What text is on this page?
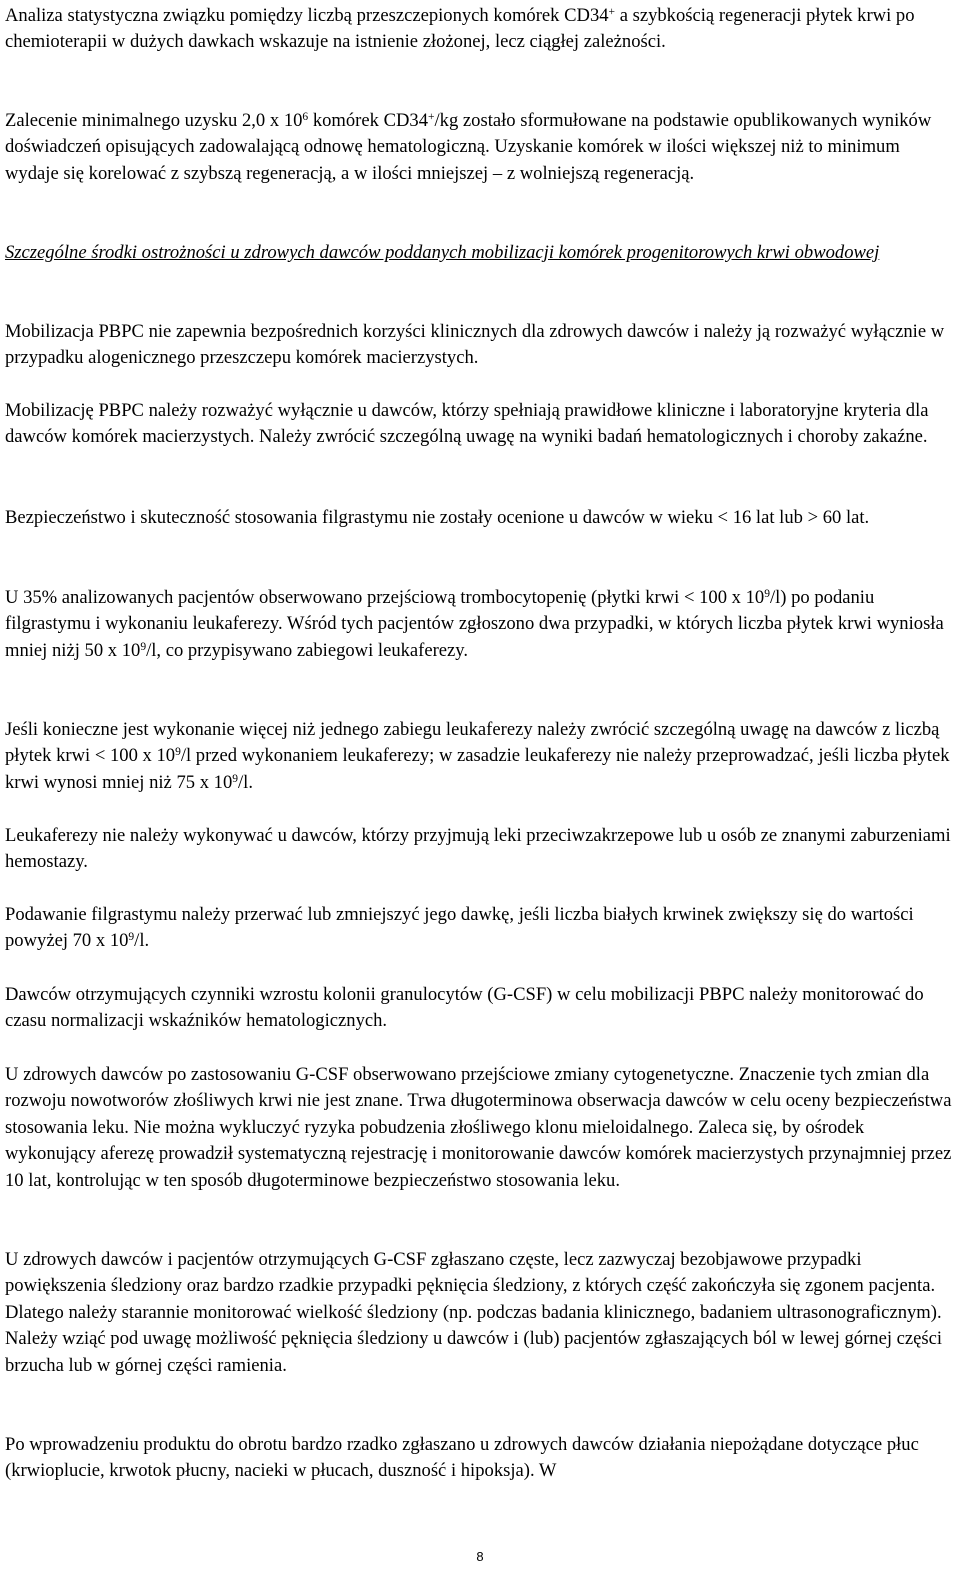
Analiza statystyczna związku pomiędzy liczbą przeszczepionych komórek CD34+ a szybkością regeneracji płytek krwi po chemioterapii w dużych dawkach wskazuje na istnienie złożonej, lecz ciągłej zależności.

Zalecenie minimalnego uzysku 2,0 x $10^6$ komórek CD34+/kg zostało sformułowane na podstawie opublikowanych wyników doświadczeń opisujących zadowalającą odnowę hematologiczną. Uzyskanie komórek w ilości większej niż to minimum wydaje się korelować z szybszą regeneracją, a w ilości mniejszej – z wolniejszą regeneracją.

Szczególne środki ostrożności u zdrowych dawców poddanych mobilizacji komórek progenitorowych krwi obwodowej

Mobilizacja PBPC nie zapewnia bezpośrednich korzyści klinicznych dla zdrowych dawców i należy ją rozważyć wyłącznie w przypadku alogenicznego przeszczepu komórek macierzystych.

Mobilizację PBPC należy rozważyć wyłącznie u dawców, którzy spełniają prawidłowe kliniczne i laboratoryjne kryteria dla dawców komórek macierzystych. Należy zwrócić szczególną uwagę na wyniki badań hematologicznych i choroby zakaźne.

Bezpieczeństwo i skuteczność stosowania filgrastymu nie zostały ocenione u dawców w wieku < 16 lat lub > 60 lat.

U 35% analizowanych pacjentów obserwowano przejściową trombocytopenię (płytki krwi < 100 x $10^9/l$) po podaniu filgrastymu i wykonaniu leukaferezy. Wśród tych pacjentów zgłoszono dwa przypadki, w których liczba płytek krwi wyniosła mniej niżj 50 x $10^9/l$, co przypisywano zabiegowi leukaferezy.

Jeśli konieczne jest wykonanie więcej niż jednego zabiegu leukaferezy należy zwrócić szczególną uwagę na dawców z liczbą płytek krwi < 100 x $10^9/l$ przed wykonaniem leukaferezy; w zasadzie leukaferezy nie należy przeprowadzać, jeśli liczba płytek krwi wynosi mniej niż 75 x $10^9/l$.

Leukaferezy nie należy wykonywać u dawców, którzy przyjmują leki przeciwzakrzepowe lub u osób ze znanymi zaburzeniami hemostazy.

Podawanie filgrastymu należy przerwać lub zmniejszyć jego dawkę, jeśli liczba białych krwinek zwiększy się do wartości powyżej 70 x $10^9/l$.

Dawców otrzymujących czynniki wzrostu kolonii granulocytów (G-CSF) w celu mobilizacji PBPC należy monitorować do czasu normalizacji wskaźników hematologicznych.

U zdrowych dawców po zastosowaniu G-CSF obserwowano przejściowe zmiany cytogenetyczne. Znaczenie tych zmian dla rozwoju nowotworów złośliwych krwi nie jest znane. Trwa długoterminowa obserwacja dawców w celu oceny bezpieczeństwa stosowania leku. Nie można wykluczyć ryzyka pobudzenia złośliwego klonu mieloidalnego. Zaleca się, by ośrodek wykonujący aferezę prowadził systematyczną rejestrację i monitorowanie dawców komórek macierzystych przynajmniej przez 10 lat, kontrolując w ten sposób długoterminowe bezpieczeństwo stosowania leku.

U zdrowych dawców i pacjentów otrzymujących G-CSF zgłaszano częste, lecz zazwyczaj bezobjawowe przypadki powiększenia śledziony oraz bardzo rzadkie przypadki pęknięcia śledziony, z których część zakończyła się zgonem pacjenta. Dlatego należy starannie monitorować wielkość śledziony (np. podczas badania klinicznego, badaniem ultrasonograficznym). Należy wziąć pod uwagę możliwość pęknięcia śledziony u dawców i (lub) pacjentów zgłaszających ból w lewej górnej części brzucha lub w górnej części ramienia.

Po wprowadzeniu produktu do obrotu bardzo rzadko zgłaszano u zdrowych dawców działania niepożądane dotyczące płuc (krwioplucie, krwotok płucny, nacieki w płucach, duszność i hipoksja). W

8
